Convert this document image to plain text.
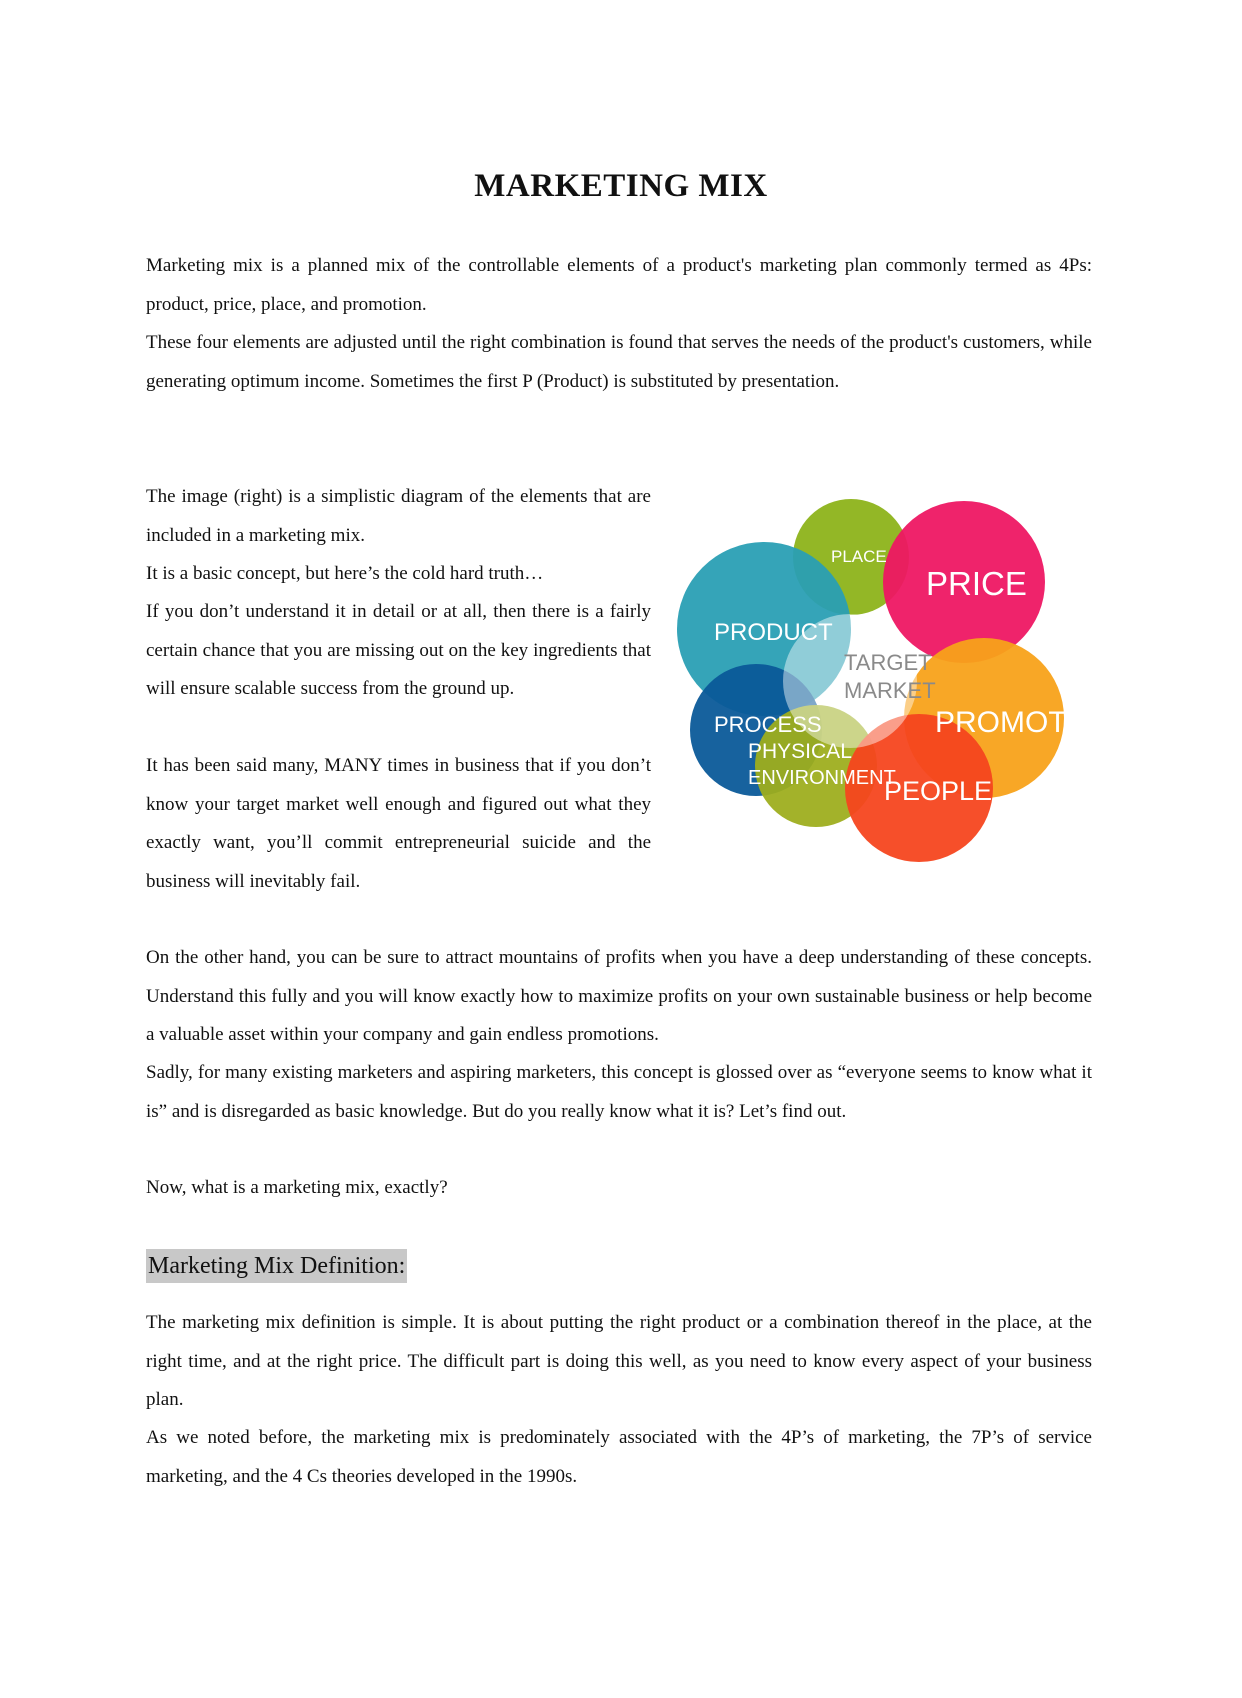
MARKETING MIX

Marketing mix is a planned mix of the controllable elements of a product's marketing plan commonly termed as 4Ps: product, price, place, and promotion.

These four elements are adjusted until the right combination is found that serves the needs of the product's customers, while generating optimum income. Sometimes the first P (Product) is substituted by presentation.

The image (right) is a simplistic diagram of the elements that are included in a marketing mix.

It is a basic concept, but here’s the cold hard truth…

If you don’t understand it in detail or at all, then there is a fairly certain chance that you are missing out on the key ingredients that will ensure scalable success from the ground up.

It has been said many, MANY times in business that if you don’t know your target market well enough and figured out what they exactly want, you’ll commit entrepreneurial suicide and the business will inevitably fail.

PLACE
PRICE
PRODUCT
TARGET
MARKET
PROMOTION
PROCESS
PHYSICAL
ENVIRONMENT
PEOPLE

On the other hand, you can be sure to attract mountains of profits when you have a deep understanding of these concepts. Understand this fully and you will know exactly how to maximize profits on your own sustainable business or help become a valuable asset within your company and gain endless promotions.

Sadly, for many existing marketers and aspiring marketers, this concept is glossed over as “everyone seems to know what it is” and is disregarded as basic knowledge. But do you really know what it is? Let’s find out.

Now, what is a marketing mix, exactly?

Marketing Mix Definition:

The marketing mix definition is simple. It is about putting the right product or a combination thereof in the place, at the right time, and at the right price. The difficult part is doing this well, as you need to know every aspect of your business plan.

As we noted before, the marketing mix is predominately associated with the 4P’s of marketing, the 7P’s of service marketing, and the 4 Cs theories developed in the 1990s.
